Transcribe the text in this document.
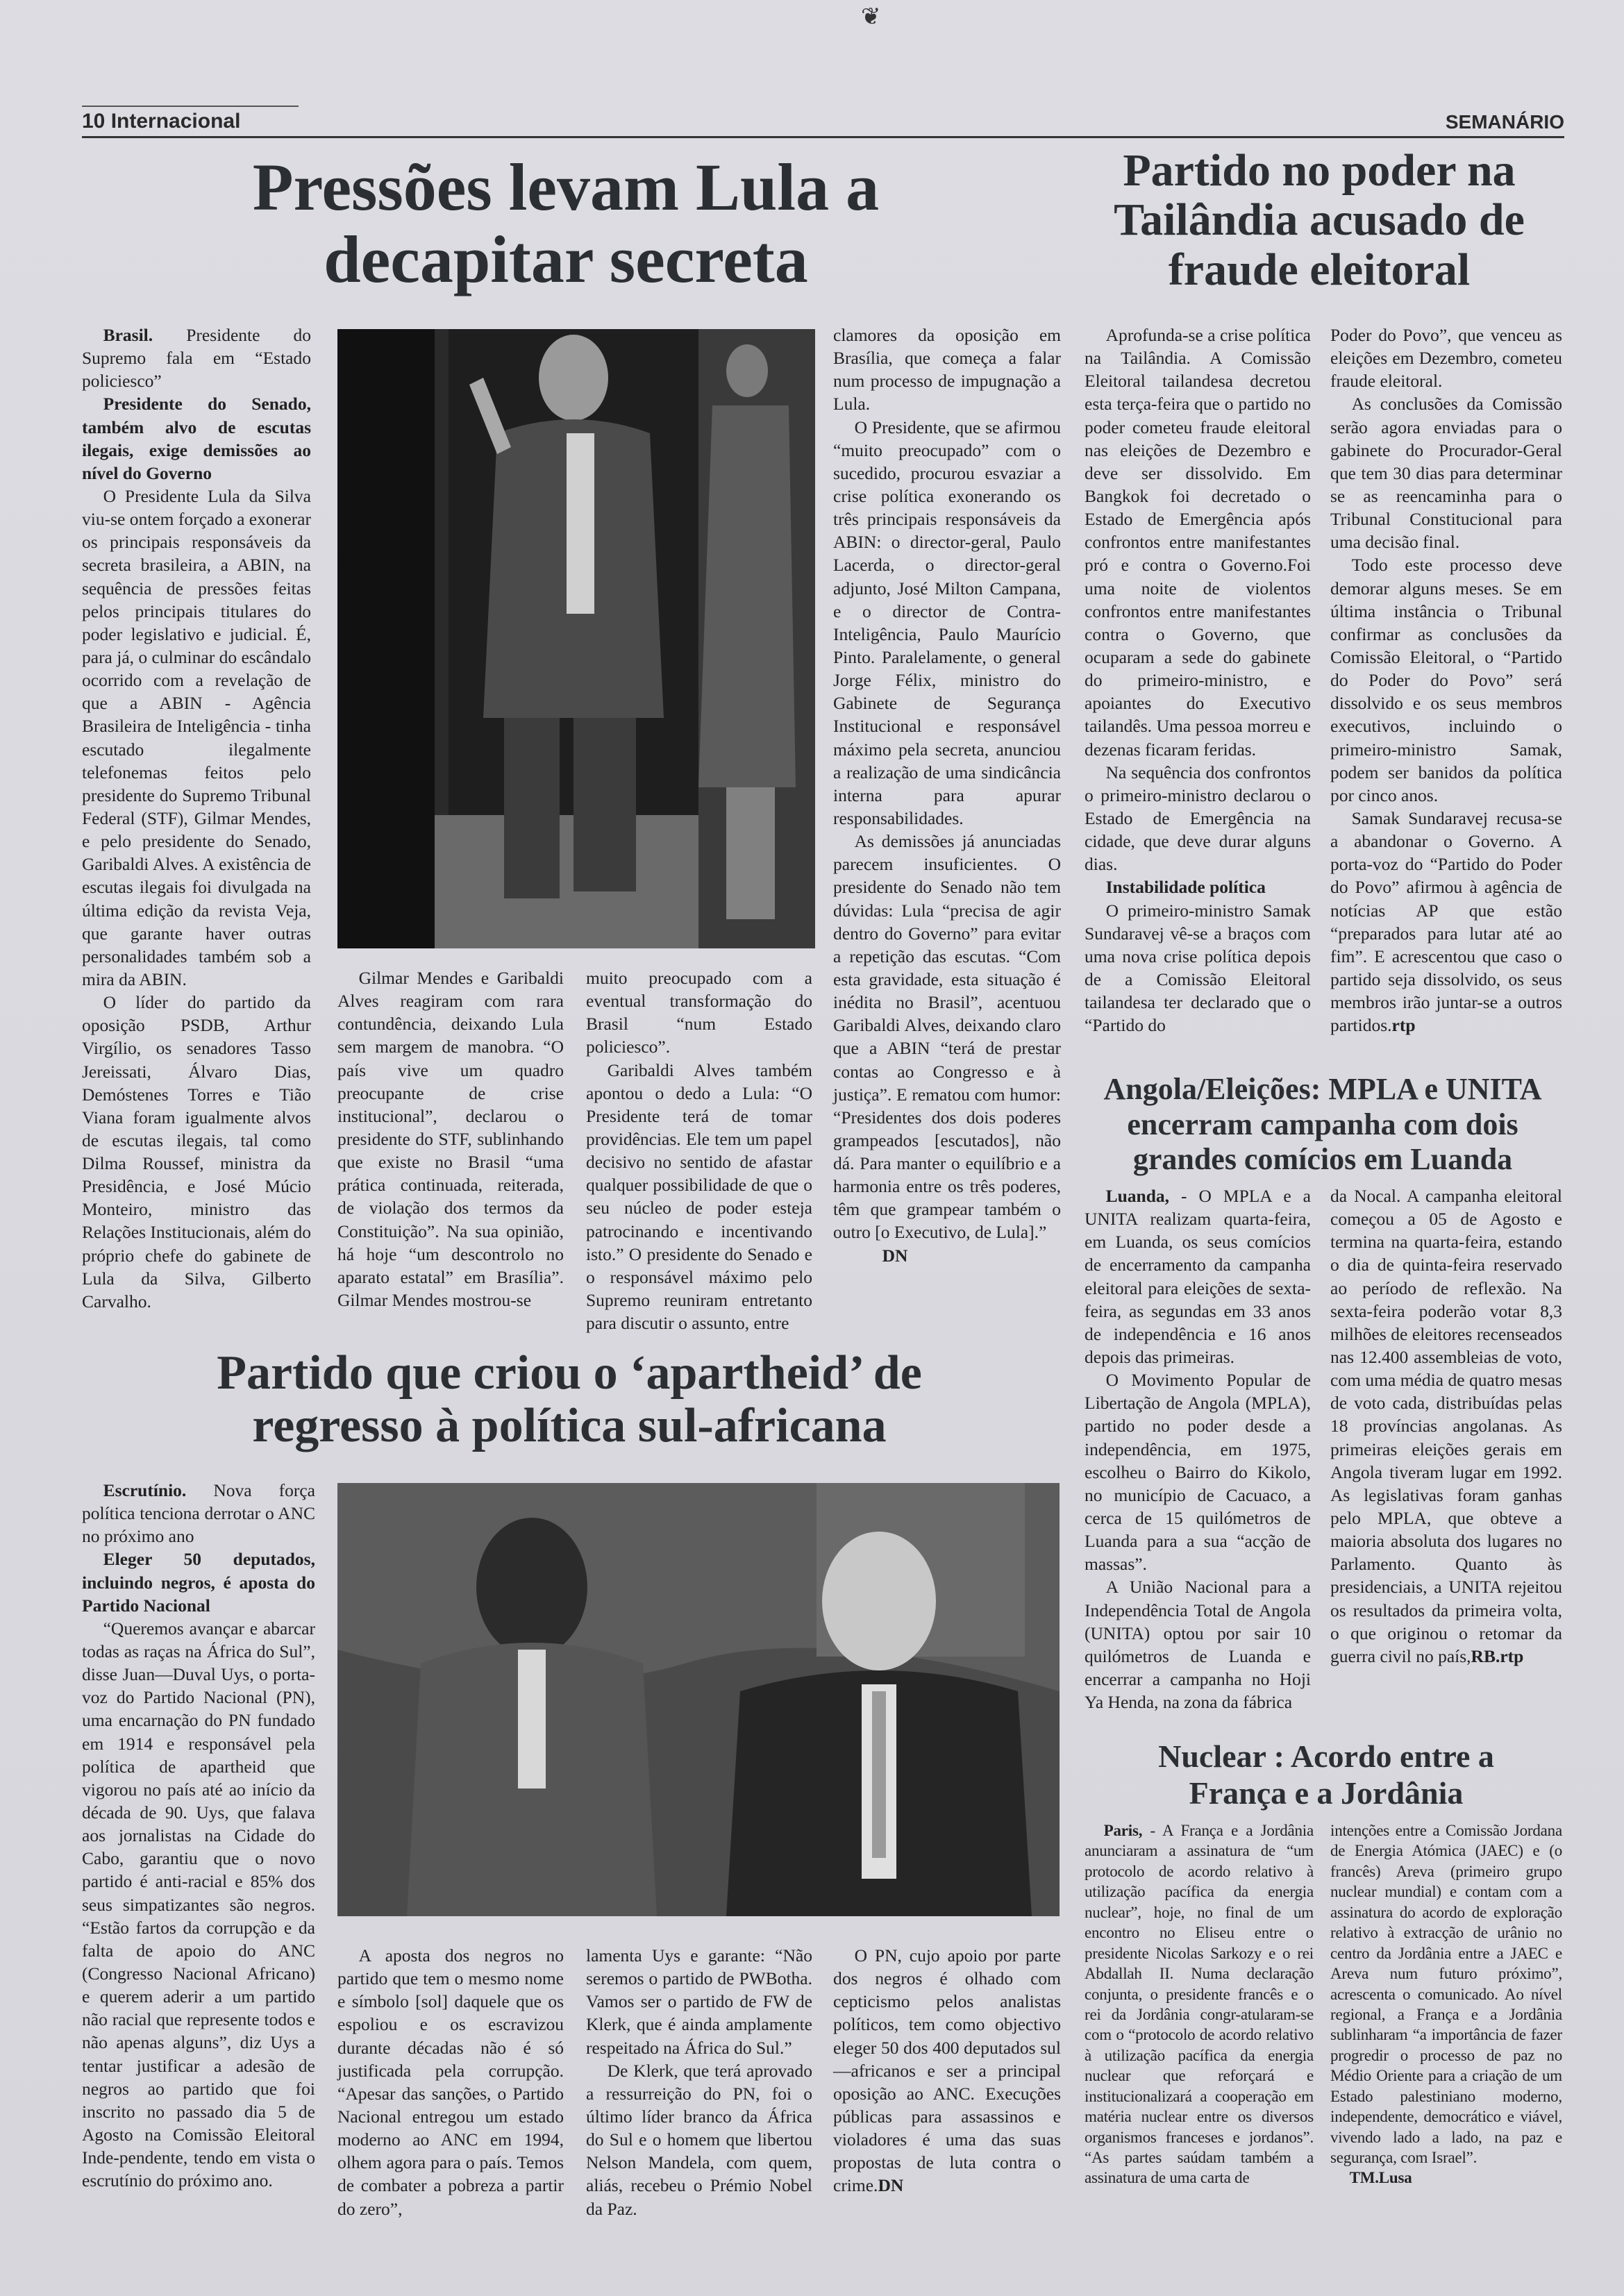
❦
10 Internacional	SEMANÁRIO
Pressões levam Lula a decapitar secreta

Brasil. Presidente do Supremo fala em “Estado policiesco”

Presidente do Senado, também alvo de escutas ilegais, exige demissões ao nível do Governo

O Presidente Lula da Silva viu-se ontem forçado a exonerar os principais responsáveis da secreta brasileira, a ABIN, na sequência de pressões feitas pelos principais titulares do poder legislativo e judicial. É, para já, o culminar do escândalo ocorrido com a revelação de que a ABIN - Agência Brasileira de Inteligência - tinha escutado ilegalmente telefonemas feitos pelo presidente do Supremo Tribunal Federal (STF), Gilmar Mendes, e pelo presidente do Senado, Garibaldi Alves. A existência de escutas ilegais foi divulgada na última edição da revista Veja, que garante haver outras personalidades também sob a mira da ABIN.

O líder do partido da oposição PSDB, Arthur Virgílio, os senadores Tasso Jereissati, Álvaro Dias, Demóstenes Torres e Tião Viana foram igualmente alvos de escutas ilegais, tal como Dilma Roussef, ministra da Presidência, e José Múcio Monteiro, ministro das Relações Institucionais, além do próprio chefe do gabinete de Lula da Silva, Gilberto Carvalho.

Gilmar Mendes e Garibaldi Alves reagiram com rara contundência, deixando Lula sem margem de manobra. “O país vive um quadro preocupante de crise institucional”, declarou o presidente do STF, sublinhando que existe no Brasil “uma prática continuada, reiterada, de violação dos termos da Constituição”. Na sua opinião, há hoje “um descontrolo no aparato estatal” em Brasília”. Gilmar Mendes mostrou-se

muito preocupado com a eventual transformação do Brasil “num Estado policiesco”.

Garibaldi Alves também apontou o dedo a Lula: “O Presidente terá de tomar providências. Ele tem um papel decisivo no sentido de afastar qualquer possibilidade de que o seu núcleo de poder esteja patrocinando e incentivando isto.” O presidente do Senado e o responsável máximo pelo Supremo reuniram entretanto para discutir o assunto, entre

clamores da oposição em Brasília, que começa a falar num processo de impugnação a Lula.

O Presidente, que se afirmou “muito preocupado” com o sucedido, procurou esvaziar a crise política exonerando os três principais responsáveis da ABIN: o director-geral, Paulo Lacerda, o director-geral adjunto, José Milton Campana, e o director de Contra-Inteligência, Paulo Maurício Pinto. Paralelamente, o general Jorge Félix, ministro do Gabinete de Segurança Institucional e responsável máximo pela secreta, anunciou a realização de uma sindicância interna para apurar responsabilidades.

As demissões já anunciadas parecem insuficientes. O presidente do Senado não tem dúvidas: Lula “precisa de agir dentro do Governo” para evitar a repetição das escutas. “Com esta gravidade, esta situação é inédita no Brasil”, acentuou Garibaldi Alves, deixando claro que a ABIN “terá de prestar contas ao Congresso e à justiça”. E rematou com humor: “Presidentes dos dois poderes grampeados [escutados], não dá. Para manter o equilíbrio e a harmonia entre os três poderes, têm que grampear também o outro [o Executivo, de Lula].”

DN

Partido no poder na Tailândia acusado de fraude eleitoral

Aprofunda-se a crise política na Tailândia. A Comissão Eleitoral tailandesa decretou esta terça-feira que o partido no poder cometeu fraude eleitoral nas eleições de Dezembro e deve ser dissolvido. Em Bangkok foi decretado o Estado de Emergência após confrontos entre manifestantes pró e contra o Governo.Foi uma noite de violentos confrontos entre manifestantes contra o Governo, que ocuparam a sede do gabinete do primeiro-ministro, e apoiantes do Executivo tailandês. Uma pessoa morreu e dezenas ficaram feridas.

Na sequência dos confrontos o primeiro-ministro declarou o Estado de Emergência na cidade, que deve durar alguns dias.

Instabilidade política

O primeiro-ministro Samak Sundaravej vê-se a braços com uma nova crise política depois de a Comissão Eleitoral tailandesa ter declarado que o “Partido do

Poder do Povo”, que venceu as eleições em Dezembro, cometeu fraude eleitoral.

As conclusões da Comissão serão agora enviadas para o gabinete do Procurador-Geral que tem 30 dias para determinar se as reencaminha para o Tribunal Constitucional para uma decisão final.

Todo este processo deve demorar alguns meses. Se em última instância o Tribunal confirmar as conclusões da Comissão Eleitoral, o “Partido do Poder do Povo” será dissolvido e os seus membros executivos, incluindo o primeiro-ministro Samak, podem ser banidos da política por cinco anos.

Samak Sundaravej recusa-se a abandonar o Governo. A porta-voz do “Partido do Poder do Povo” afirmou à agência de notícias AP que estão “preparados para lutar até ao fim”. E acrescentou que caso o partido seja dissolvido, os seus membros irão juntar-se a outros partidos.rtp

Angola/Eleições: MPLA e UNITA encerram campanha com dois grandes comícios em Luanda

Luanda, - O MPLA e a UNITA realizam quarta-feira, em Luanda, os seus comícios de encerramento da campanha eleitoral para eleições de sexta-feira, as segundas em 33 anos de independência e 16 anos depois das primeiras.

O Movimento Popular de Libertação de Angola (MPLA), partido no poder desde a independência, em 1975, escolheu o Bairro do Kikolo, no município de Cacuaco, a cerca de 15 quilómetros de Luanda para a sua “acção de massas”.

A União Nacional para a Independência Total de Angola (UNITA) optou por sair 10 quilómetros de Luanda e encerrar a campanha no Hoji Ya Henda, na zona da fábrica

da Nocal. A campanha eleitoral começou a 05 de Agosto e termina na quarta-feira, estando o dia de quinta-feira reservado ao período de reflexão. Na sexta-feira poderão votar 8,3 milhões de eleitores recenseados nas 12.400 assembleias de voto, com uma média de quatro mesas de voto cada, distribuídas pelas 18 províncias angolanas. As primeiras eleições gerais em Angola tiveram lugar em 1992. As legislativas foram ganhas pelo MPLA, que obteve a maioria absoluta dos lugares no Parlamento. Quanto às presidenciais, a UNITA rejeitou os resultados da primeira volta, o que originou o retomar da guerra civil no país,RB.rtp

Nuclear : Acordo entre a França e a Jordânia

Paris, - A França e a Jordânia anunciaram a assinatura de “um protocolo de acordo relativo à utilização pacífica da energia nuclear”, hoje, no final de um encontro no Eliseu entre o presidente Nicolas Sarkozy e o rei Abdallah II. Numa declaração conjunta, o presidente francês e o rei da Jordânia congr-atularam-se com o “protocolo de acordo relativo à utilização pacífica da energia nuclear que reforçará e institucionalizará a cooperação em matéria nuclear entre os diversos organismos franceses e jordanos”. “As partes saúdam também a assinatura de uma carta de

intenções entre a Comissão Jordana de Energia Atómica (JAEC) e (o francês) Areva (primeiro grupo nuclear mundial) e contam com a assinatura do acordo de exploração relativo à extracção de urânio no centro da Jordânia entre a JAEC e Areva num futuro próximo”, acrescenta o comunicado. Ao nível regional, a França e a Jordânia sublinharam “a importância de fazer progredir o processo de paz no Médio Oriente para a criação de um Estado palestiniano moderno, independente, democrático e viável, vivendo lado a lado, na paz e segurança, com Israel”.

TM.Lusa

Partido que criou o ‘apartheid’ de regresso à política sul-africana

Escrutínio. Nova força política tenciona derrotar o ANC no próximo ano

Eleger 50 deputados, incluindo negros, é aposta do Partido Nacional

“Queremos avançar e abarcar todas as raças na África do Sul”, disse Juan—Duval Uys, o porta-voz do Partido Nacional (PN), uma encarnação do PN fundado em 1914 e responsável pela política de apartheid que vigorou no país até ao início da década de 90. Uys, que falava aos jornalistas na Cidade do Cabo, garantiu que o novo partido é anti-racial e 85% dos seus simpatizantes são negros. “Estão fartos da corrupção e da falta de apoio do ANC (Congresso Nacional Africano) e querem aderir a um partido não racial que represente todos e não apenas alguns”, diz Uys a tentar justificar a adesão de negros ao partido que foi inscrito no passado dia 5 de Agosto na Comissão Eleitoral Inde-pendente, tendo em vista o escrutínio do próximo ano.

A aposta dos negros no partido que tem o mesmo nome e símbolo [sol] daquele que os espoliou e os escravizou durante décadas não é só justificada pela corrupção. “Apesar das sanções, o Partido Nacional entregou um estado moderno ao ANC em 1994, olhem agora para o país. Temos de combater a pobreza a partir do zero”,

lamenta Uys e garante: “Não seremos o partido de PWBotha. Vamos ser o partido de FW de Klerk, que é ainda amplamente respeitado na África do Sul.”

De Klerk, que terá aprovado a ressurreição do PN, foi o último líder branco da África do Sul e o homem que libertou Nelson Mandela, com quem, aliás, recebeu o Prémio Nobel da Paz.

O PN, cujo apoio por parte dos negros é olhado com cepticismo pelos analistas políticos, tem como objectivo eleger 50 dos 400 deputados sul—africanos e ser a principal oposição ao ANC. Execuções públicas para assassinos e violadores é uma das suas propostas de luta contra o crime.DN
